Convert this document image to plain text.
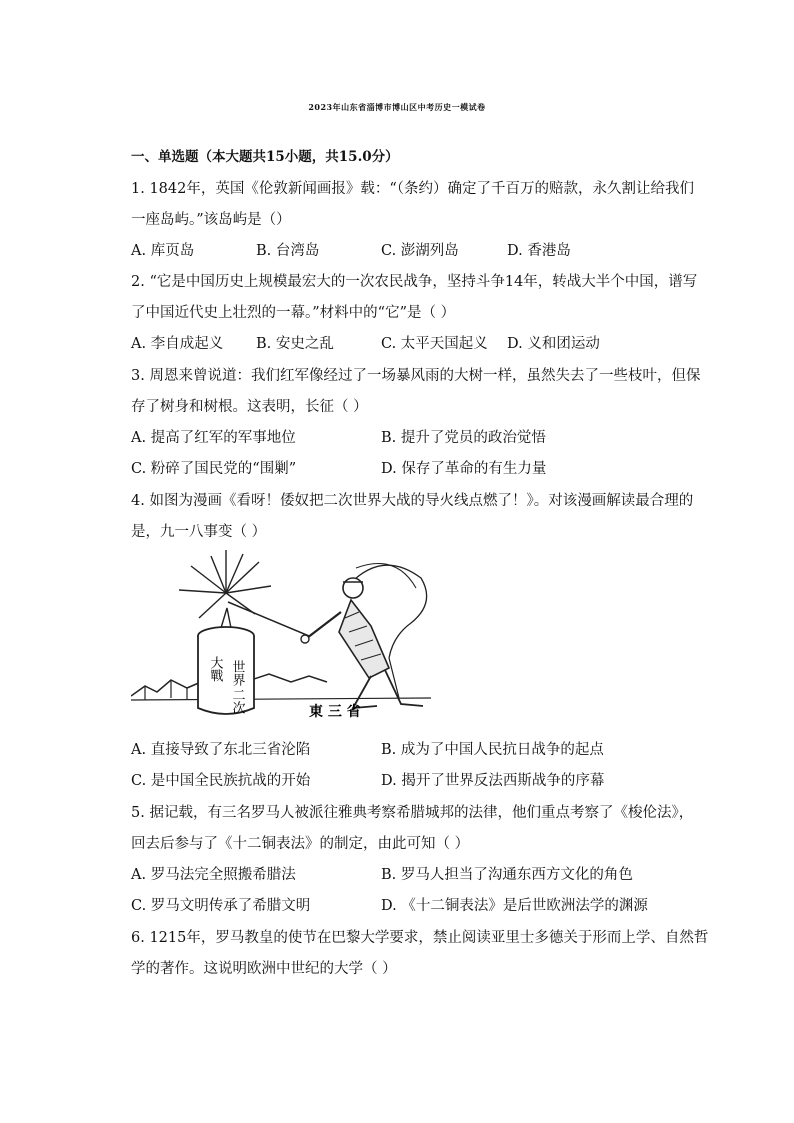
2023年山东省淄博市博山区中考历史一模试卷
一、单选题（本大题共15小题，共15.0分）
1. 1842年，英国《伦敦新闻画报》载：“（条约）确定了千百万的赔款，永久割让给我们
一座岛屿。”该岛屿是（）
A. 库页岛	B. 台湾岛	C. 澎湖列岛	D. 香港岛
2. “它是中国历史上规模最宏大的一次农民战争，坚持斗争14年，转战大半个中国，谱写
了中国近代史上壮烈的一幕。”材料中的“它”是（ ）
A. 李自成起义 B. 安史之乱	C. 太平天国起义 D. 义和团运动
3. 周恩来曾说道：我们红军像经过了一场暴风雨的大树一样，虽然失去了一些枝叶，但保
存了树身和树根。这表明，长征（ ）
A. 提高了红军的军事地位	B. 提升了党员的政治觉悟
C. 粉碎了国民党的“围剿”	D. 保存了革命的有生力量
4. 如图为漫画《看呀！倭奴把二次世界大战的导火线点燃了！》。对该漫画解读最合理的
是，九一八事变（ ）
世界
大戰
二次	東 三 省
A. 直接导致了东北三省沦陷	B. 成为了中国人民抗日战争的起点
C. 是中国全民族抗战的开始	D. 揭开了世界反法西斯战争的序幕
5. 据记载，有三名罗马人被派往雅典考察希腊城邦的法律，他们重点考察了《梭伦法》，
回去后参与了《十二铜表法》的制定，由此可知（ ）
A. 罗马法完全照搬希腊法	B. 罗马人担当了沟通东西方文化的角色
C. 罗马文明传承了希腊文明	D. 《十二铜表法》是后世欧洲法学的渊源
6. 1215年，罗马教皇的使节在巴黎大学要求，禁止阅读亚里士多德关于形而上学、自然哲
学的著作。这说明欧洲中世纪的大学（ ）
